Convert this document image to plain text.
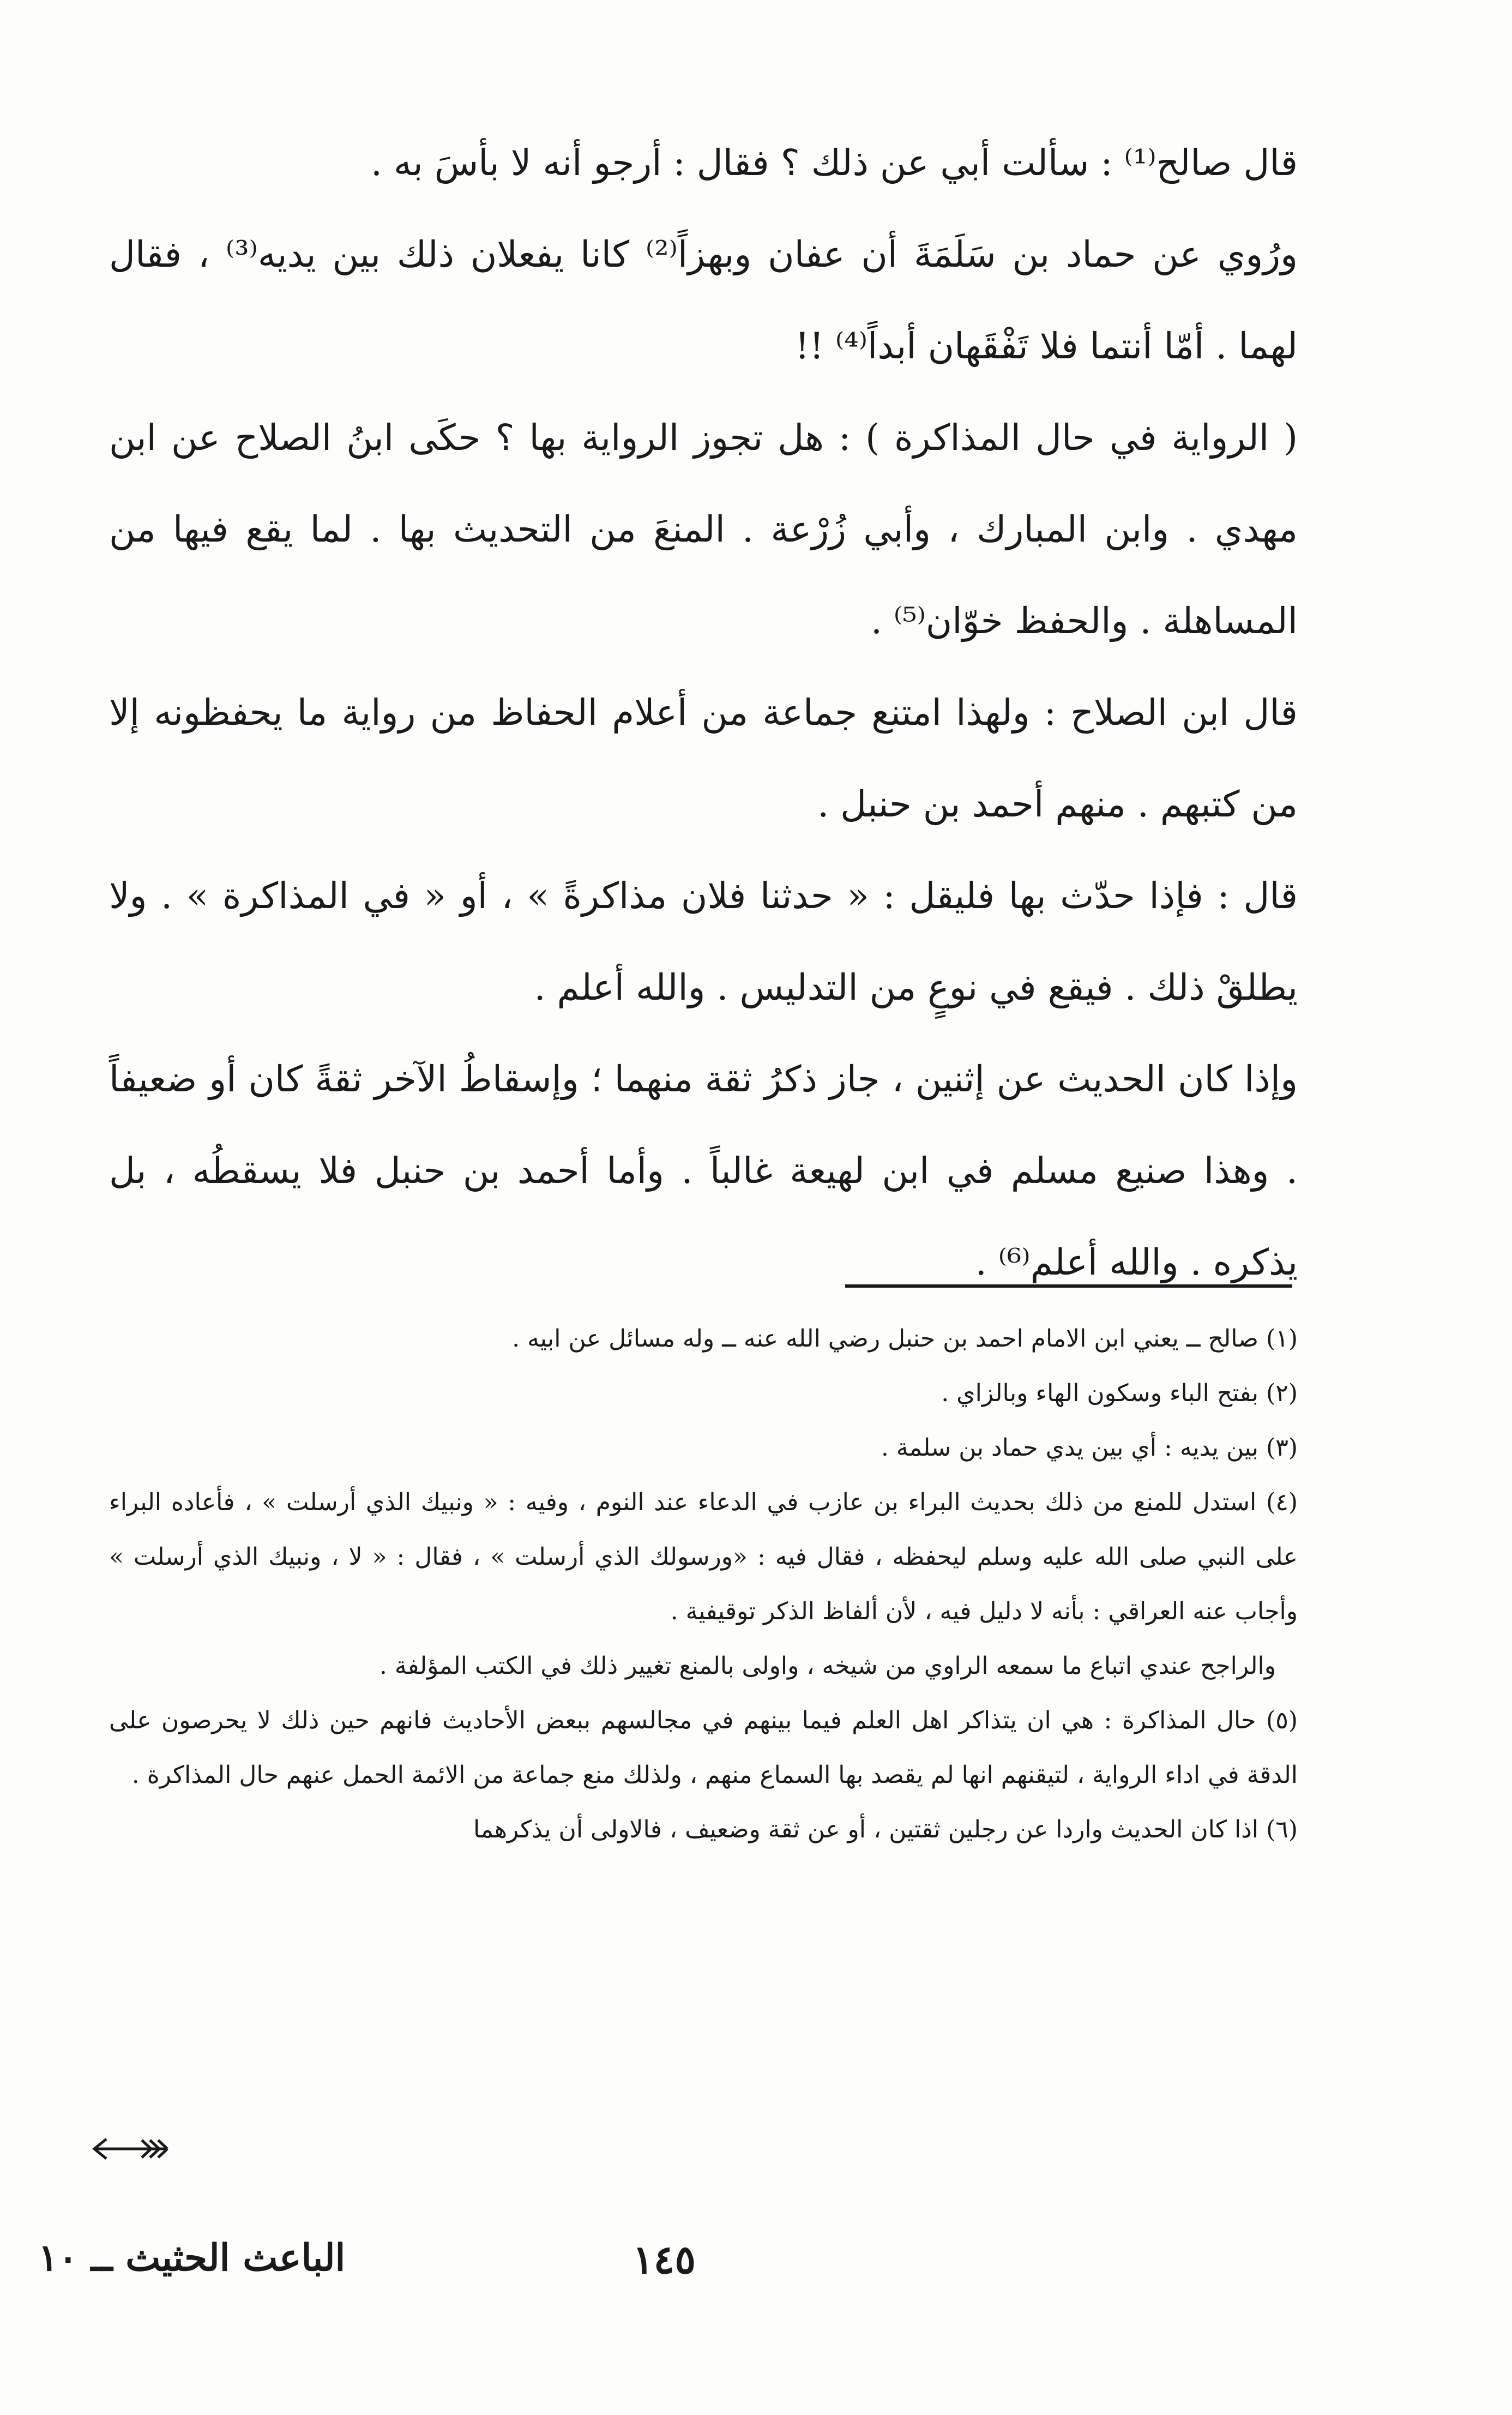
قال صالح⁽¹⁾ : سألت أبي عن ذلك ؟ فقال : أرجو أنه لا بأسَ به .

ورُوي عن حماد بن سَلَمَةَ أن عفان وبهزاً⁽²⁾ كانا يفعلان ذلك بين يديه⁽³⁾ ، فقال لهما . أمّا أنتما فلا تَفْقَهان أبداً⁽⁴⁾ !!

( الرواية في حال المذاكرة ) : هل تجوز الرواية بها ؟ حكَى ابنُ الصلاح عن ابن مهدي . وابن المبارك ، وأبي زُرْعة . المنعَ من التحديث بها . لما يقع فيها من المساهلة . والحفظ خوّان⁽⁵⁾ .

قال ابن الصلاح : ولهذا امتنع جماعة من أعلام الحفاظ من رواية ما يحفظونه إلا من كتبهم . منهم أحمد بن حنبل .

قال : فإذا حدّث بها فليقل : « حدثنا فلان مذاكرةً » ، أو « في المذاكرة » . ولا يطلقْ ذلك . فيقع في نوعٍ من التدليس . والله أعلم .

وإذا كان الحديث عن إثنين ، جاز ذكرُ ثقة منهما ؛ وإسقاطُ الآخر ثقةً كان أو ضعيفاً . وهذا صنيع مسلم في ابن لهيعة غالباً . وأما أحمد بن حنبل فلا يسقطُه ، بل يذكره . والله أعلم⁽⁶⁾ .

(١) صالح ــ يعني ابن الامام احمد بن حنبل رضي الله عنه ــ وله مسائل عن ابيه .

(٢) بفتح الباء وسكون الهاء وبالزاي .

(٣) بين يديه : أي بين يدي حماد بن سلمة .

(٤) استدل للمنع من ذلك بحديث البراء بن عازب في الدعاء عند النوم ، وفيه : « ونبيك الذي أرسلت » ، فأعاده البراء على النبي صلى الله عليه وسلم ليحفظه ، فقال فيه : «ورسولك الذي أرسلت » ، فقال : « لا ، ونبيك الذي أرسلت » وأجاب عنه العراقي : بأنه لا دليل فيه ، لأن ألفاظ الذكر توقيفية .

والراجح عندي اتباع ما سمعه الراوي من شيخه ، واولى بالمنع تغيير ذلك في الكتب المؤلفة .

(٥) حال المذاكرة : هي ان يتذاكر اهل العلم فيما بينهم في مجالسهم ببعض الأحاديث فانهم حين ذلك لا يحرصون على الدقة في اداء الرواية ، لتيقنهم انها لم يقصد بها السماع منهم ، ولذلك منع جماعة من الائمة الحمل عنهم حال المذاكرة .

(٦) اذا كان الحديث واردا عن رجلين ثقتين ، أو عن ثقة وضعيف ، فالاولى أن يذكرهما

الباعث الحثيث ــ ١٠	١٤٥
